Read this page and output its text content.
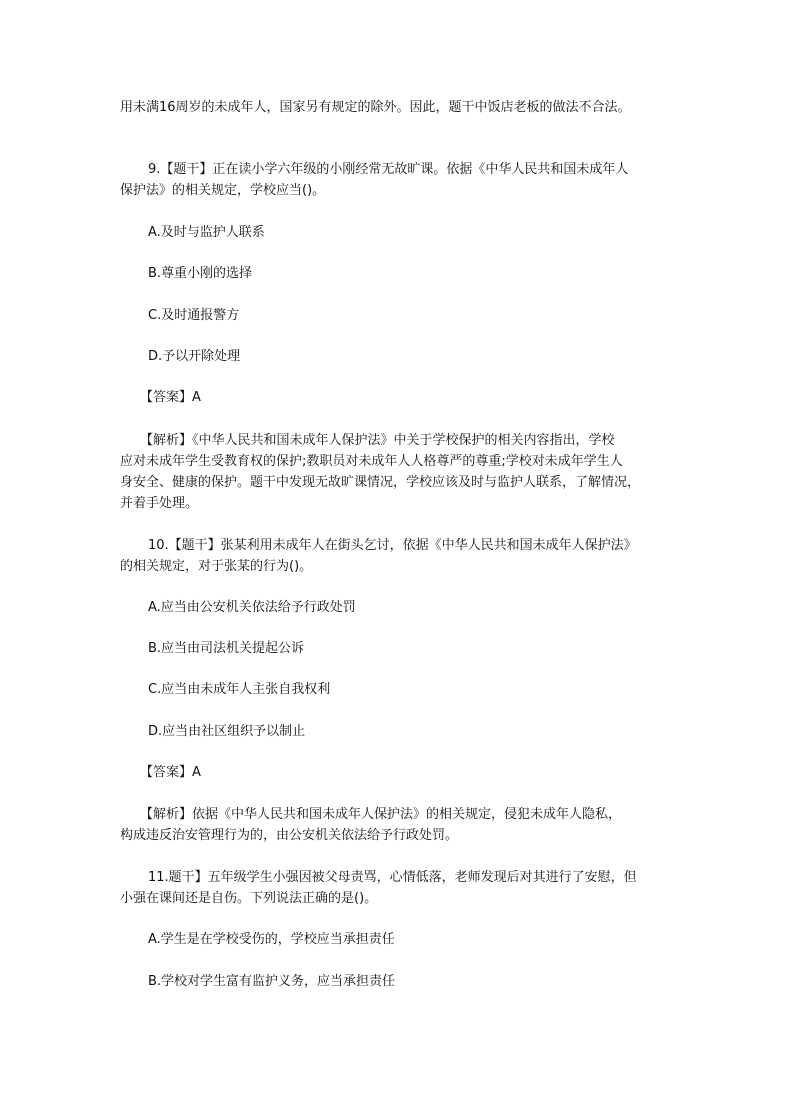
用未满16周岁的未成年人，国家另有规定的除外。因此，题干中饭店老板的做法不合法。

9.【题干】正在读小学六年级的小刚经常无故旷课。依据《中华人民共和国未成年人

保护法》的相关规定，学校应当()。

A.及时与监护人联系

B.尊重小刚的选择

C.及时通报警方

D.予以开除处理

【答案】A

【解析】《中华人民共和国未成年人保护法》中关于学校保护的相关内容指出，学校

应对未成年学生受教育权的保护;教职员对未成年人人格尊严的尊重;学校对未成年学生人
身安全、健康的保护。题干中发现无故旷课情况，学校应该及时与监护人联系，了解情况，
并着手处理。

10.【题干】张某利用未成年人在街头乞讨，依据《中华人民共和国未成年人保护法》

的相关规定，对于张某的行为()。

A.应当由公安机关依法给予行政处罚

B.应当由司法机关提起公诉

C.应当由未成年人主张自我权利

D.应当由社区组织予以制止

【答案】A

【解析】依据《中华人民共和国未成年人保护法》的相关规定，侵犯未成年人隐私，

构成违反治安管理行为的，由公安机关依法给予行政处罚。

11.题干】五年级学生小强因被父母责骂，心情低落，老师发现后对其进行了安慰，但

小强在课间还是自伤。下列说法正确的是()。

A.学生是在学校受伤的，学校应当承担责任

B.学校对学生富有监护义务，应当承担责任
